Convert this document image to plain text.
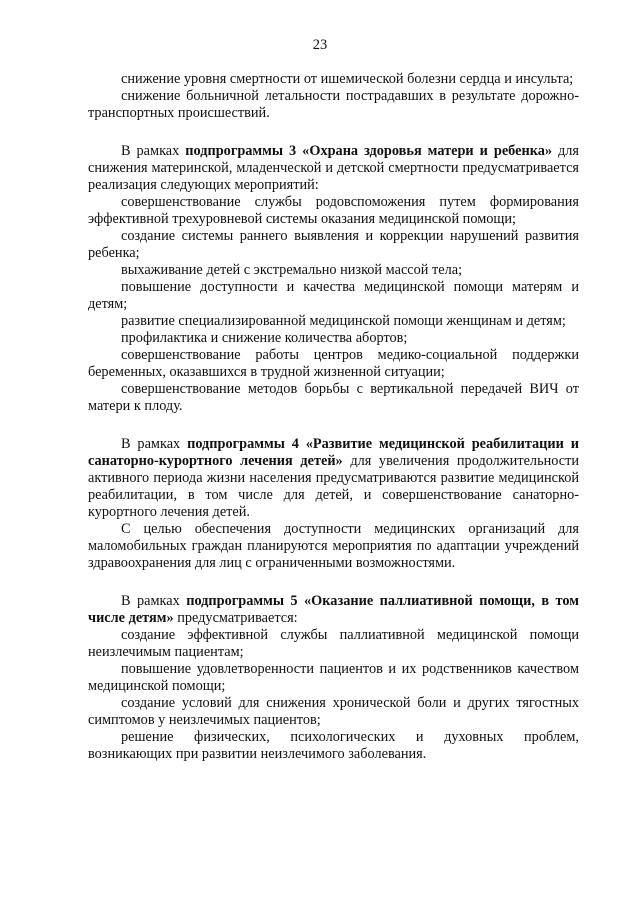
23

снижение уровня смертности от ишемической болезни сердца и инсульта;

снижение больничной летальности пострадавших в результате дорожно-транспортных происшествий.

В рамках подпрограммы 3 «Охрана здоровья матери и ребенка» для снижения материнской, младенческой и детской смертности предусматривается реализация следующих мероприятий:

совершенствование службы родовспоможения путем формирования эффективной трехуровневой системы оказания медицинской помощи;

создание системы раннего выявления и коррекции нарушений развития ребенка;

выхаживание детей с экстремально низкой массой тела;

повышение доступности и качества медицинской помощи матерям и детям;

развитие специализированной медицинской помощи женщинам и детям;

профилактика и снижение количества абортов;

совершенствование работы центров медико-социальной поддержки беременных, оказавшихся в трудной жизненной ситуации;

совершенствование методов борьбы с вертикальной передачей ВИЧ от матери к плоду.

В рамках подпрограммы 4 «Развитие медицинской реабилитации и санаторно-курортного лечения детей» для увеличения продолжительности активного периода жизни населения предусматриваются развитие медицинской реабилитации, в том числе для детей, и совершенствование санаторно-курортного лечения детей.

С целью обеспечения доступности медицинских организаций для маломобильных граждан планируются мероприятия по адаптации учреждений здравоохранения для лиц с ограниченными возможностями.

В рамках подпрограммы 5 «Оказание паллиативной помощи, в том числе детям» предусматривается:

создание эффективной службы паллиативной медицинской помощи неизлечимым пациентам;

повышение удовлетворенности пациентов и их родственников качеством медицинской помощи;

создание условий для снижения хронической боли и других тягостных симптомов у неизлечимых пациентов;

решение физических, психологических и духовных проблем, возникающих при развитии неизлечимого заболевания.
